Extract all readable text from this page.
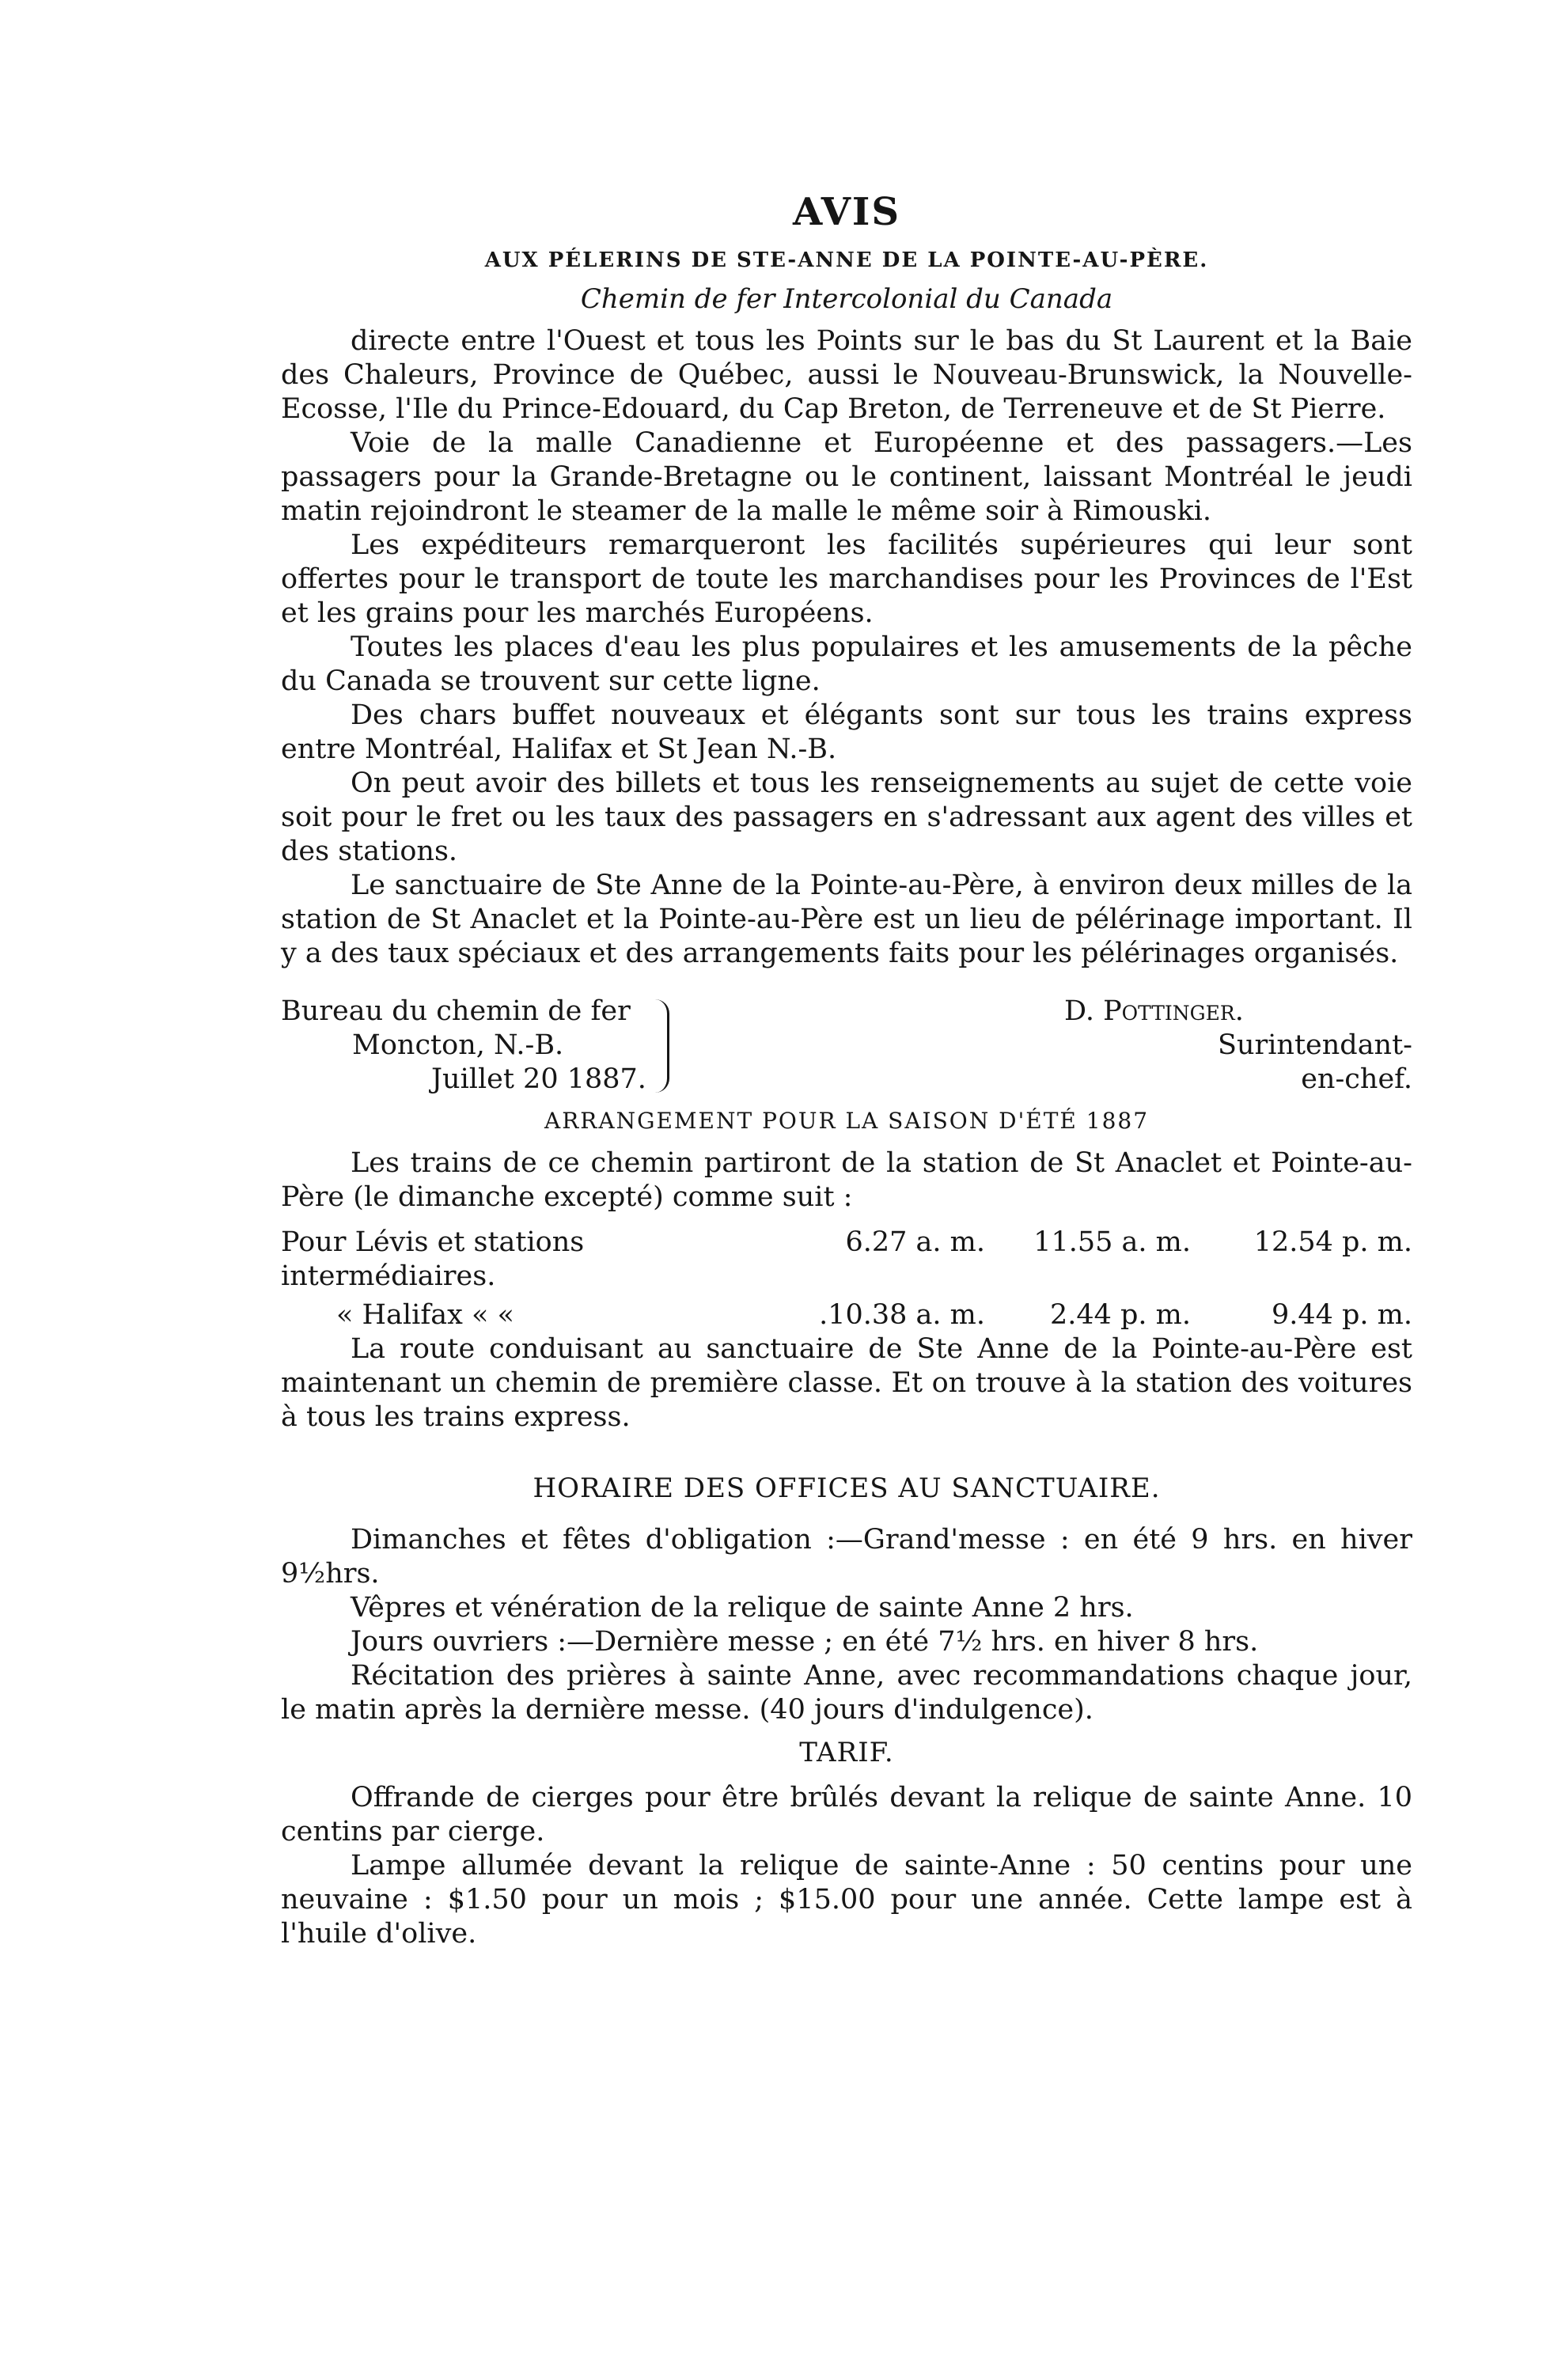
AVIS
AUX PÉLERINS DE STE-ANNE DE LA POINTE-AU-PÈRE.
Chemin de fer Intercolonial du Canada

directe entre l'Ouest et tous les Points sur le bas du St Laurent et la Baie des Chaleurs, Province de Québec, aussi le Nouveau-Brunswick, la Nouvelle-Ecosse, l'Ile du Prince-Edouard, du Cap Breton, de Terreneuve et de St Pierre.

Voie de la malle Canadienne et Européenne et des passagers.—Les passagers pour la Grande-Bretagne ou le continent, laissant Montréal le jeudi matin rejoindront le steamer de la malle le même soir à Rimouski.

Les expéditeurs remarqueront les facilités supérieures qui leur sont offertes pour le transport de toute les marchandises pour les Provinces de l'Est et les grains pour les marchés Européens.

Toutes les places d'eau les plus populaires et les amusements de la pêche du Canada se trouvent sur cette ligne.

Des chars buffet nouveaux et élégants sont sur tous les trains express entre Montréal, Halifax et St Jean N.-B.

On peut avoir des billets et tous les renseignements au sujet de cette voie soit pour le fret ou les taux des passagers en s'adressant aux agent des villes et des stations.

Le sanctuaire de Ste Anne de la Pointe-au-Père, à environ deux milles de la station de St Anaclet et la Pointe-au-Père est un lieu de pélérinage important. Il y a des taux spéciaux et des arrangements faits pour les pélérinages organisés.

Bureau du chemin de fer
Moncton, N.-B.
Juillet 20 1887.
D. Pottinger.
Surintendant-
en-chef.
ARRANGEMENT POUR LA SAISON D'ÉTÉ 1887

Les trains de ce chemin partiront de la station de St Anaclet et Pointe-au-Père (le dimanche excepté) comme suit :

Pour Lévis et stations intermédiaires.
6.27 a. m.	11.55 a. m.	12.54 p. m.
« Halifax « «	.10.38 a. m.	2.44 p. m.	9.44 p. m.

La route conduisant au sanctuaire de Ste Anne de la Pointe-au-Père est maintenant un chemin de première classe. Et on trouve à la station des voitures à tous les trains express.

HORAIRE DES OFFICES AU SANCTUAIRE.

Dimanches et fêtes d'obligation :—Grand'messe : en été 9 hrs. en hiver 9½hrs.

Vêpres et vénération de la relique de sainte Anne 2 hrs.

Jours ouvriers :—Dernière messe ; en été 7½ hrs. en hiver 8 hrs.

Récitation des prières à sainte Anne, avec recommandations chaque jour, le matin après la dernière messe. (40 jours d'indulgence).

TARIF.

Offrande de cierges pour être brûlés devant la relique de sainte Anne. 10 centins par cierge.

Lampe allumée devant la relique de sainte-Anne : 50 centins pour une neuvaine : $1.50 pour un mois ; $15.00 pour une année. Cette lampe est à l'huile d'olive.
